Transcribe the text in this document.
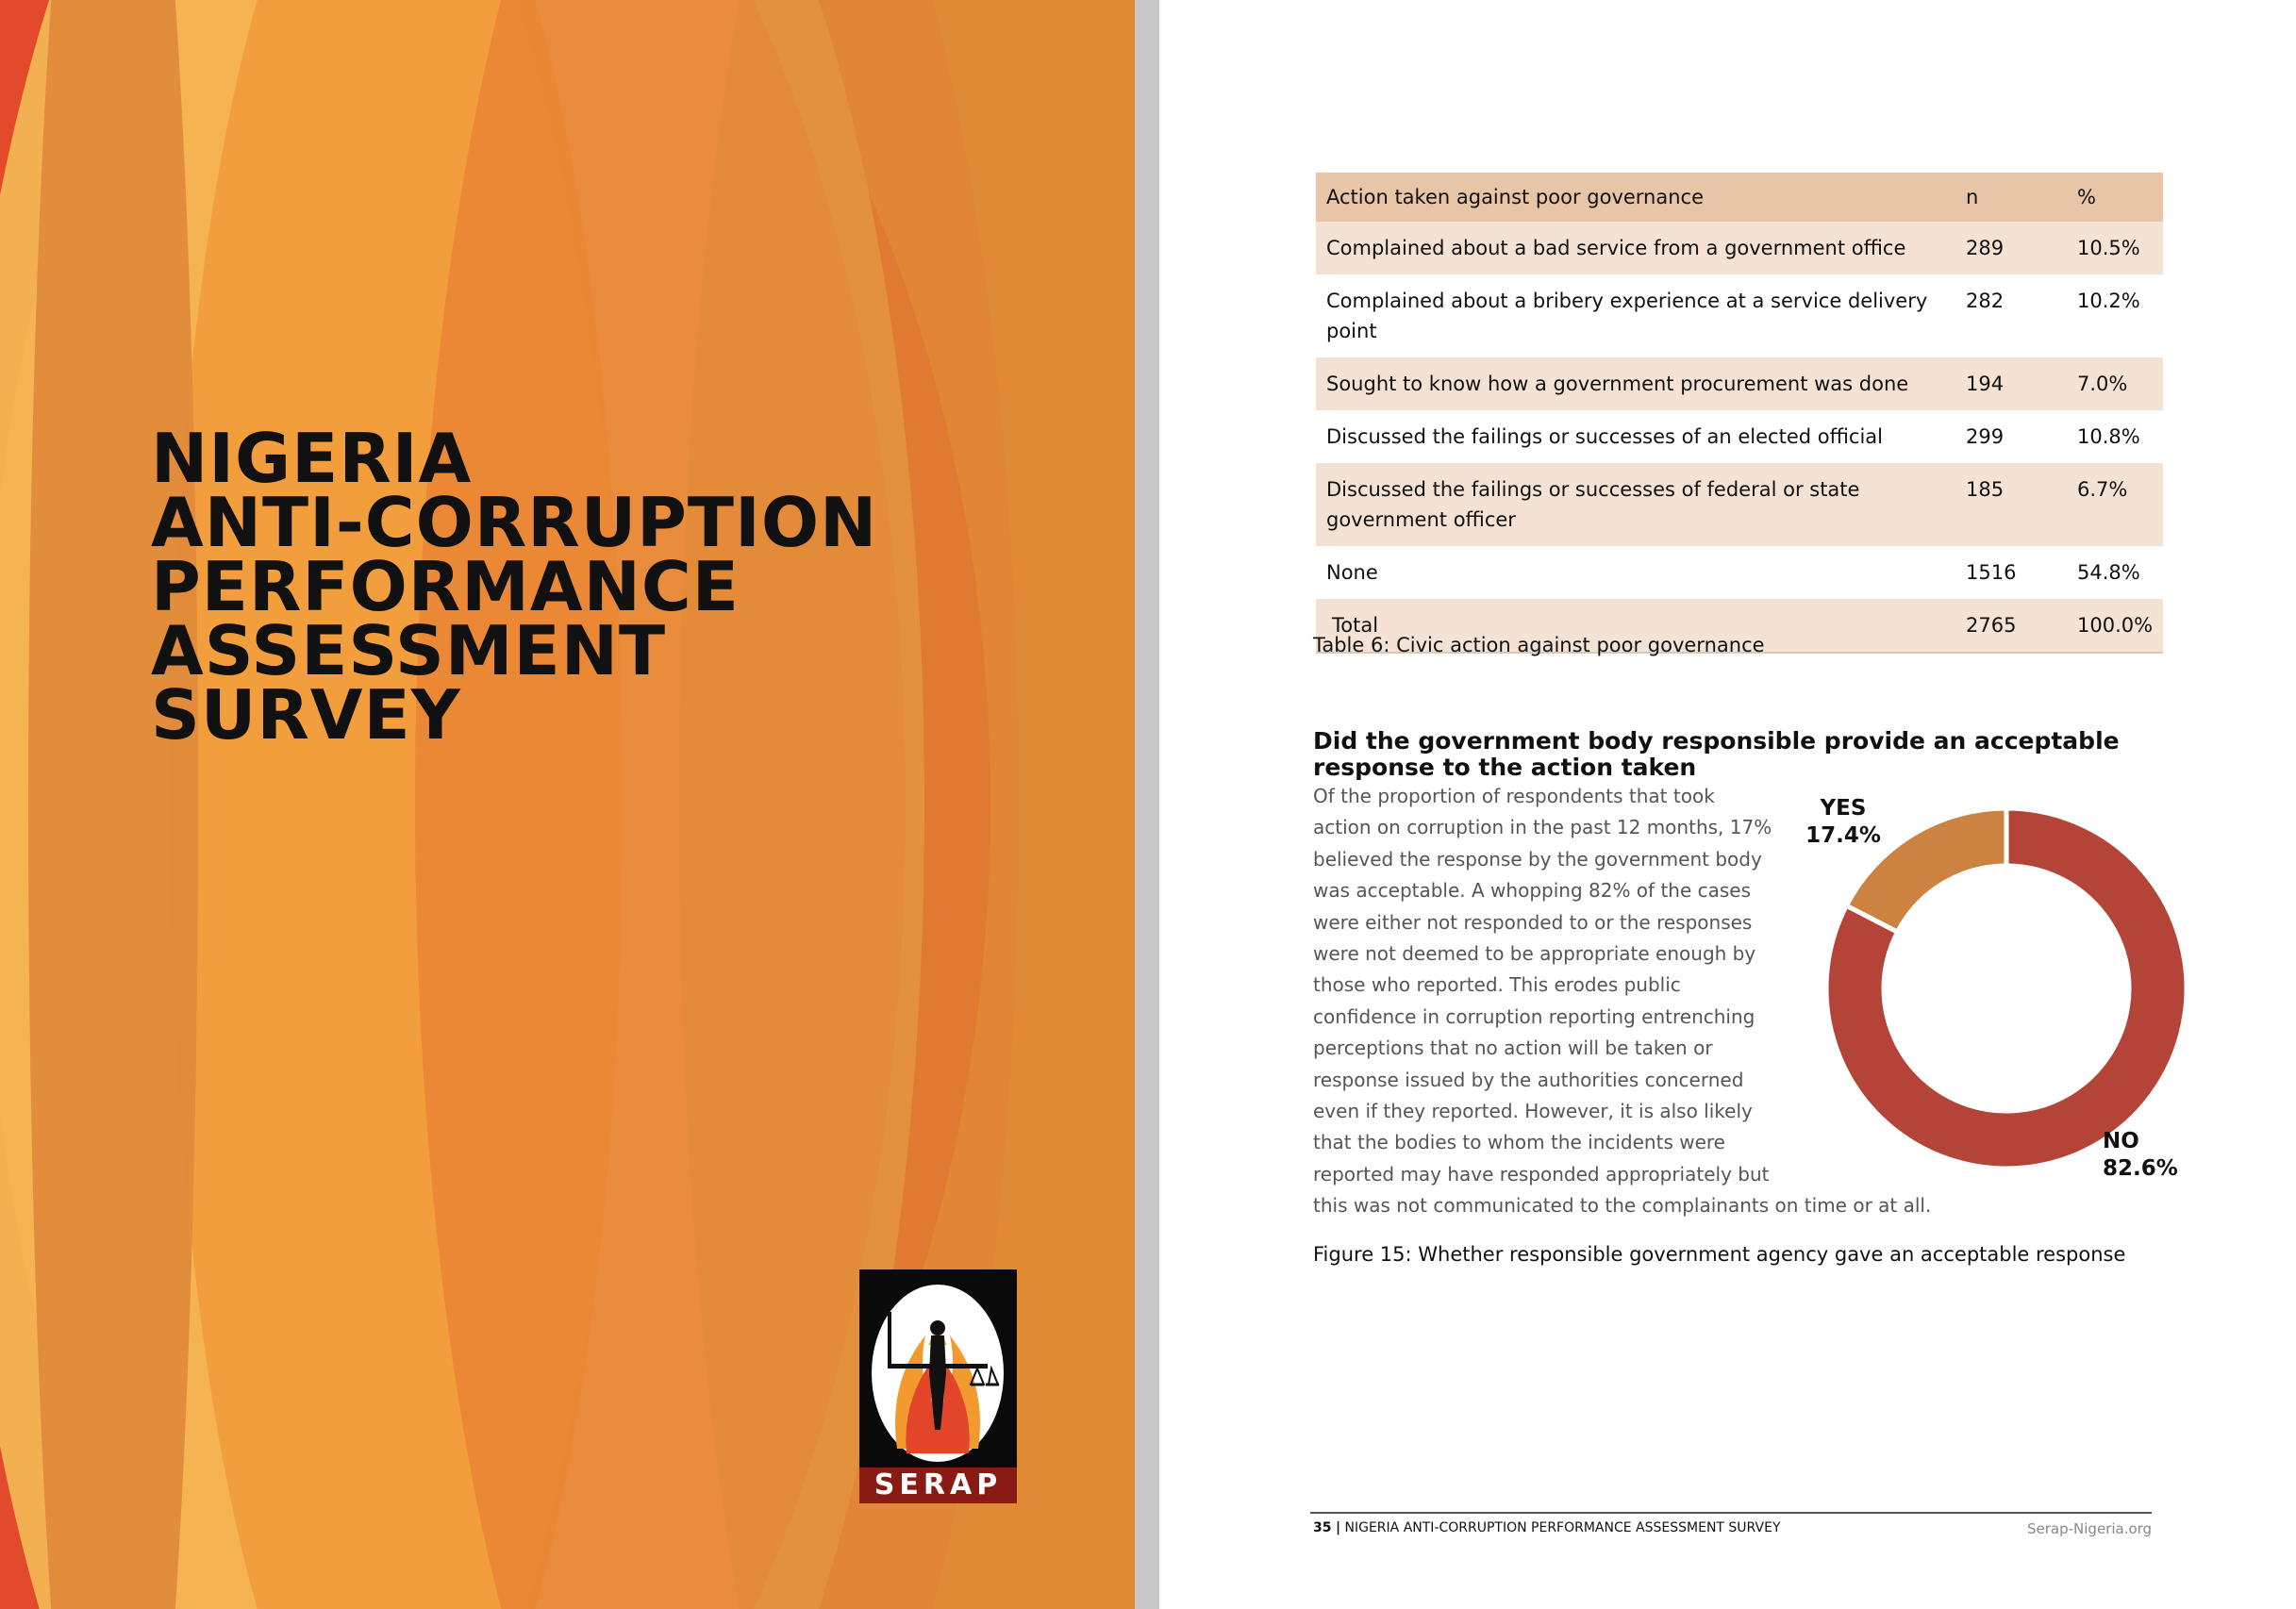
NIGERIA
ANTI-CORRUPTION
PERFORMANCE
ASSESSMENT
SURVEY
SERAP
Action taken against poor governance	n	%
Complained about a bad service from a government office	289	10.5%
Complained about a bribery experience at a service delivery point	282	10.2%
Sought to know how a government procurement was done	194	7.0%
Discussed the failings or successes of an elected official	299	10.8%
Discussed the failings or successes of federal or state government officer	185	6.7%
None	1516	54.8%
Total	2765	100.0%

Table 6: Civic action against poor governance

Did the government body responsible provide an acceptable response to the action taken

Of the proportion of respondents that took
action on corruption in the past 12 months, 17%
believed the response by the government body
was acceptable. A whopping 82% of the cases
were either not responded to or the responses
were not deemed to be appropriate enough by
those who reported. This erodes public
confidence in corruption reporting entrenching
perceptions that no action will be taken or
response issued by the authorities concerned
even if they reported. However, it is also likely
that the bodies to whom the incidents were
reported may have responded appropriately but
this was not communicated to the complainants on time or at all.

YES
17.4%
NO
82.6%

Figure 15: Whether responsible government agency gave an acceptable response

35 | NIGERIA ANTI-CORRUPTION PERFORMANCE ASSESSMENT SURVEY	Serap-Nigeria.org
